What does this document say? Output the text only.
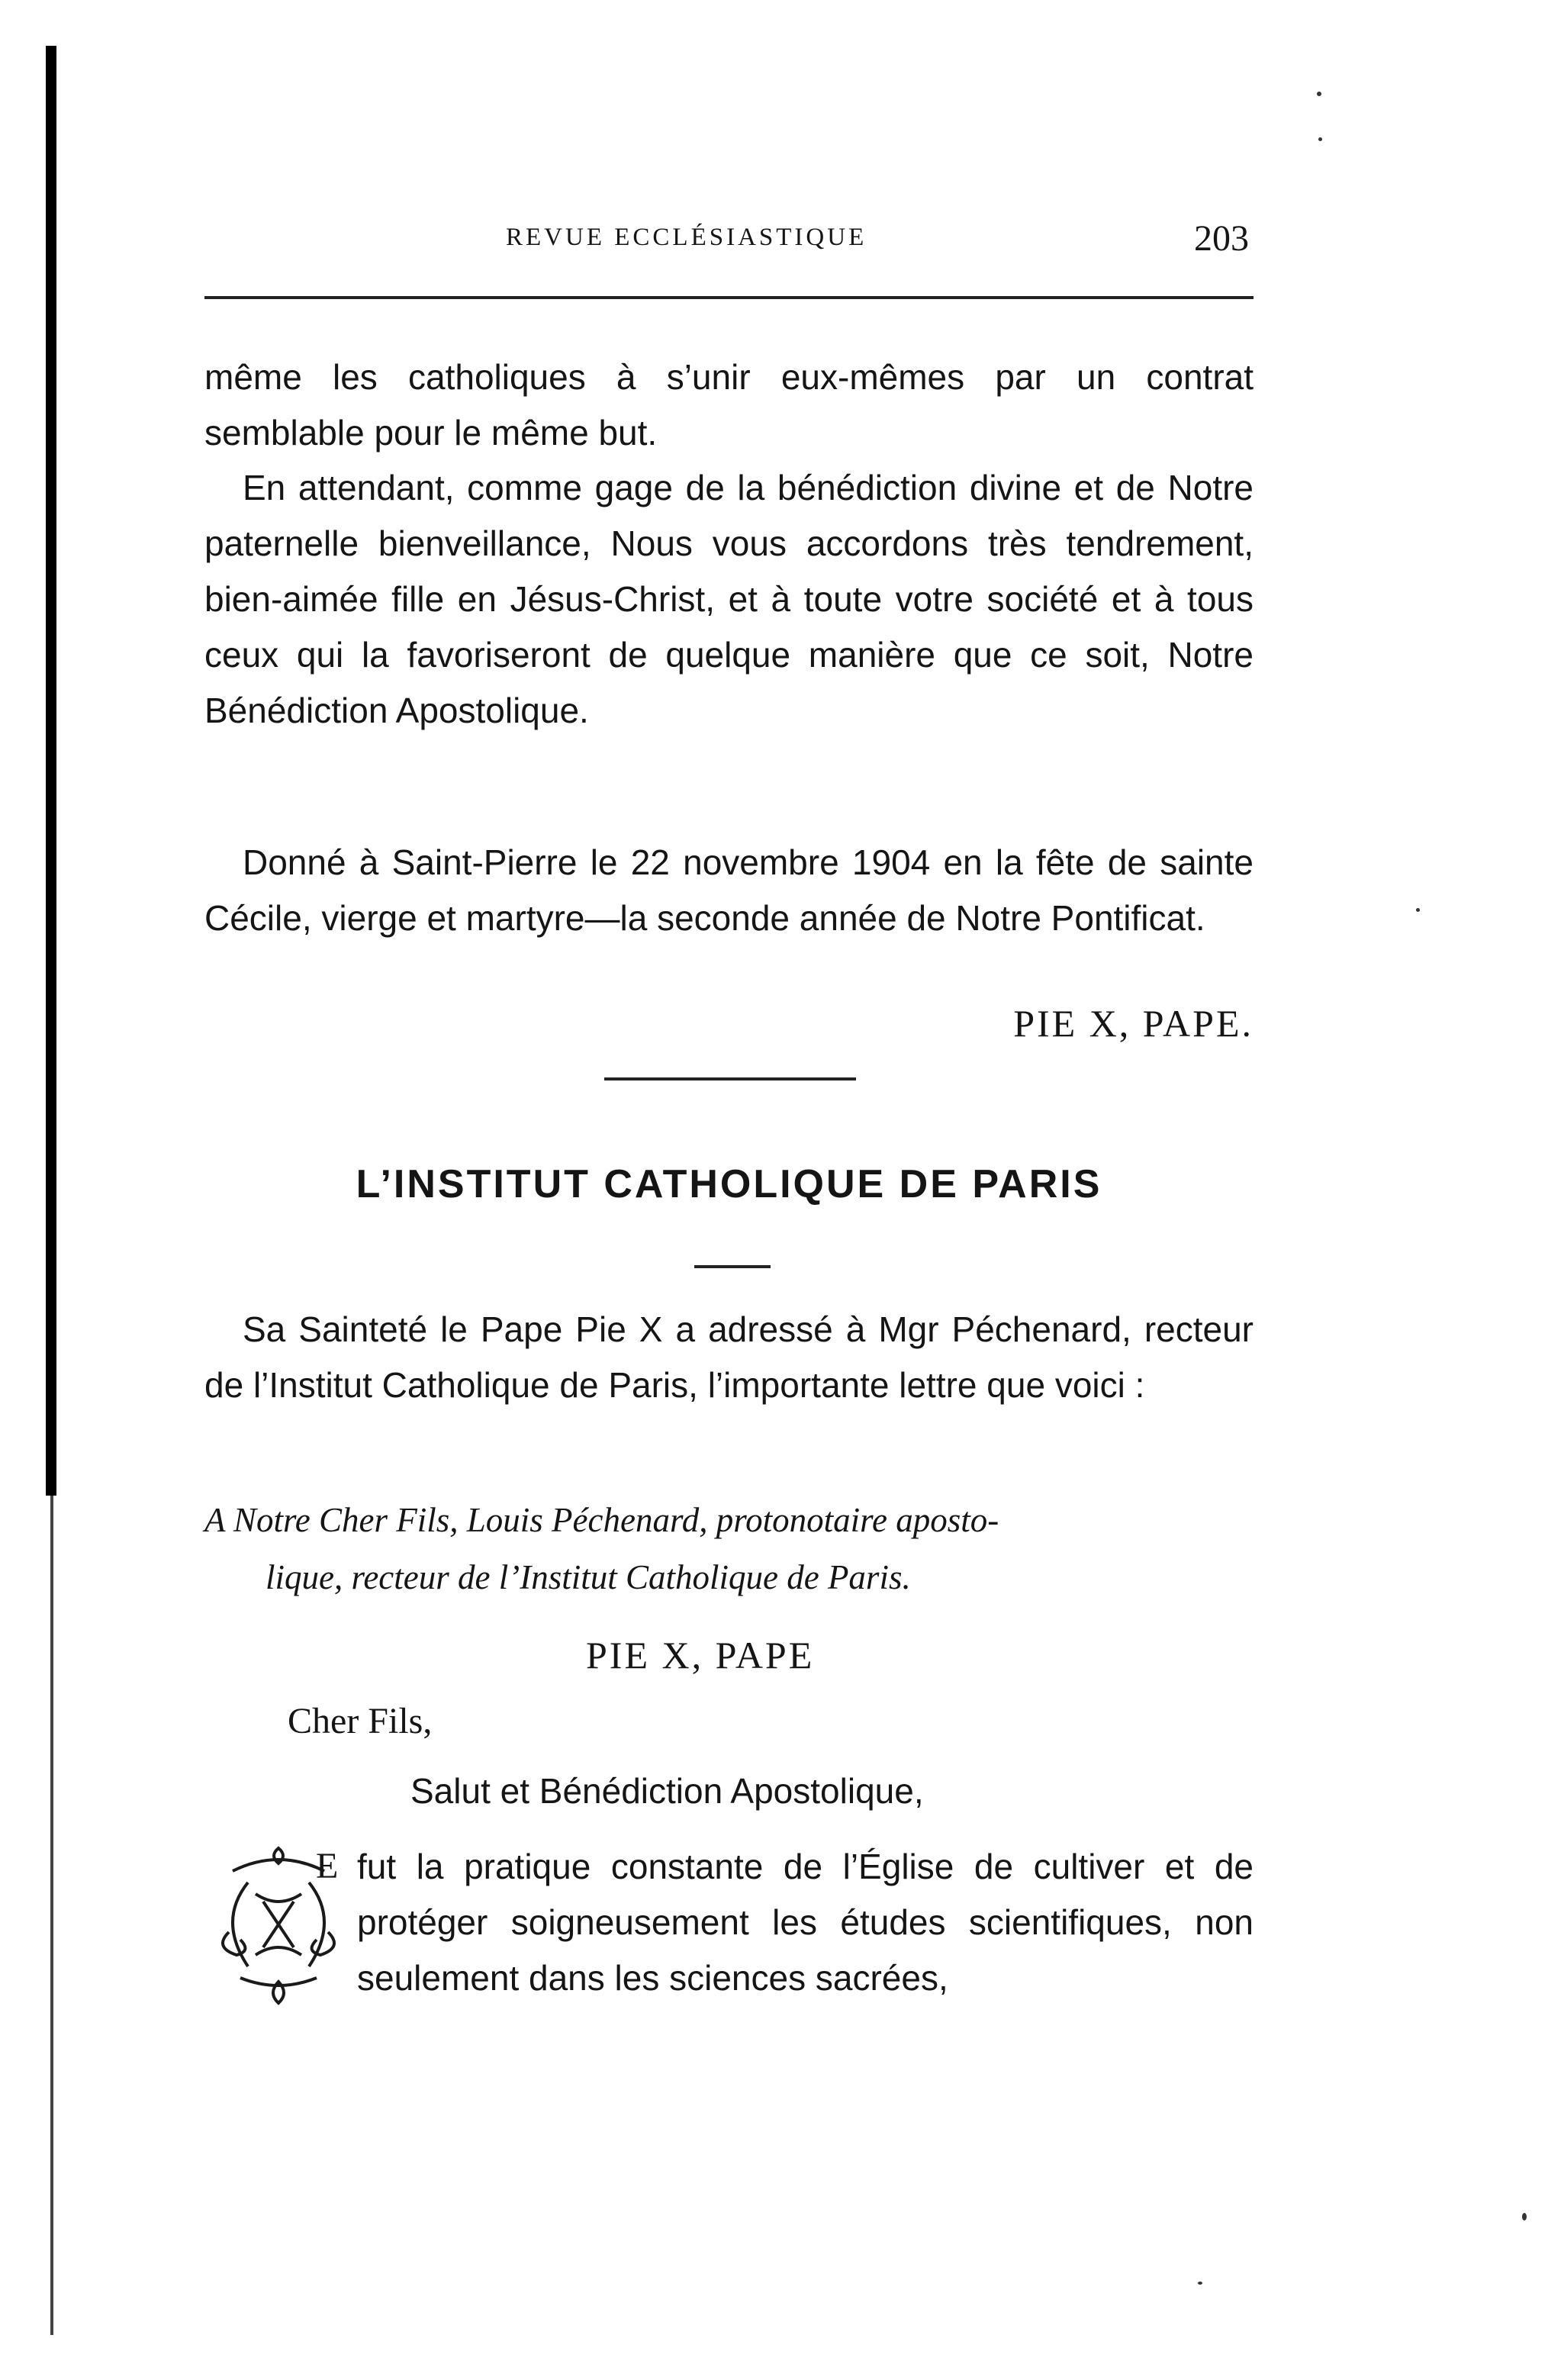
REVUE ECCLÉSIASTIQUE	203

même les catholiques à s’unir eux-mêmes par un contrat semblable pour le même but.

En attendant, comme gage de la bénédiction divine et de Notre paternelle bienveillance, Nous vous accordons très tendrement, bien-aimée fille en Jésus-Christ, et à toute votre société et à tous ceux qui la favoriseront de quelque manière que ce soit, Notre Bénédiction Apostolique.

Donné à Saint-Pierre le 22 novembre 1904 en la fête de sainte Cécile, vierge et martyre—la seconde année de Notre Pontificat.

PIE X, PAPE.
L’INSTITUT CATHOLIQUE DE PARIS

Sa Sainteté le Pape Pie X a adressé à Mgr Péchenard, recteur de l’Institut Catholique de Paris, l’importante lettre que voici :

A Notre Cher Fils, Louis Péchenard, protonotaire aposto-
lique, recteur de l’Institut Catholique de Paris.
PIE X, PAPE
Cher Fils,
Salut et Bénédiction Apostolique,
E fut la pratique constante de l’Église de cultiver et de protéger soigneusement les études scientifiques, non seulement dans les sciences sacrées,
